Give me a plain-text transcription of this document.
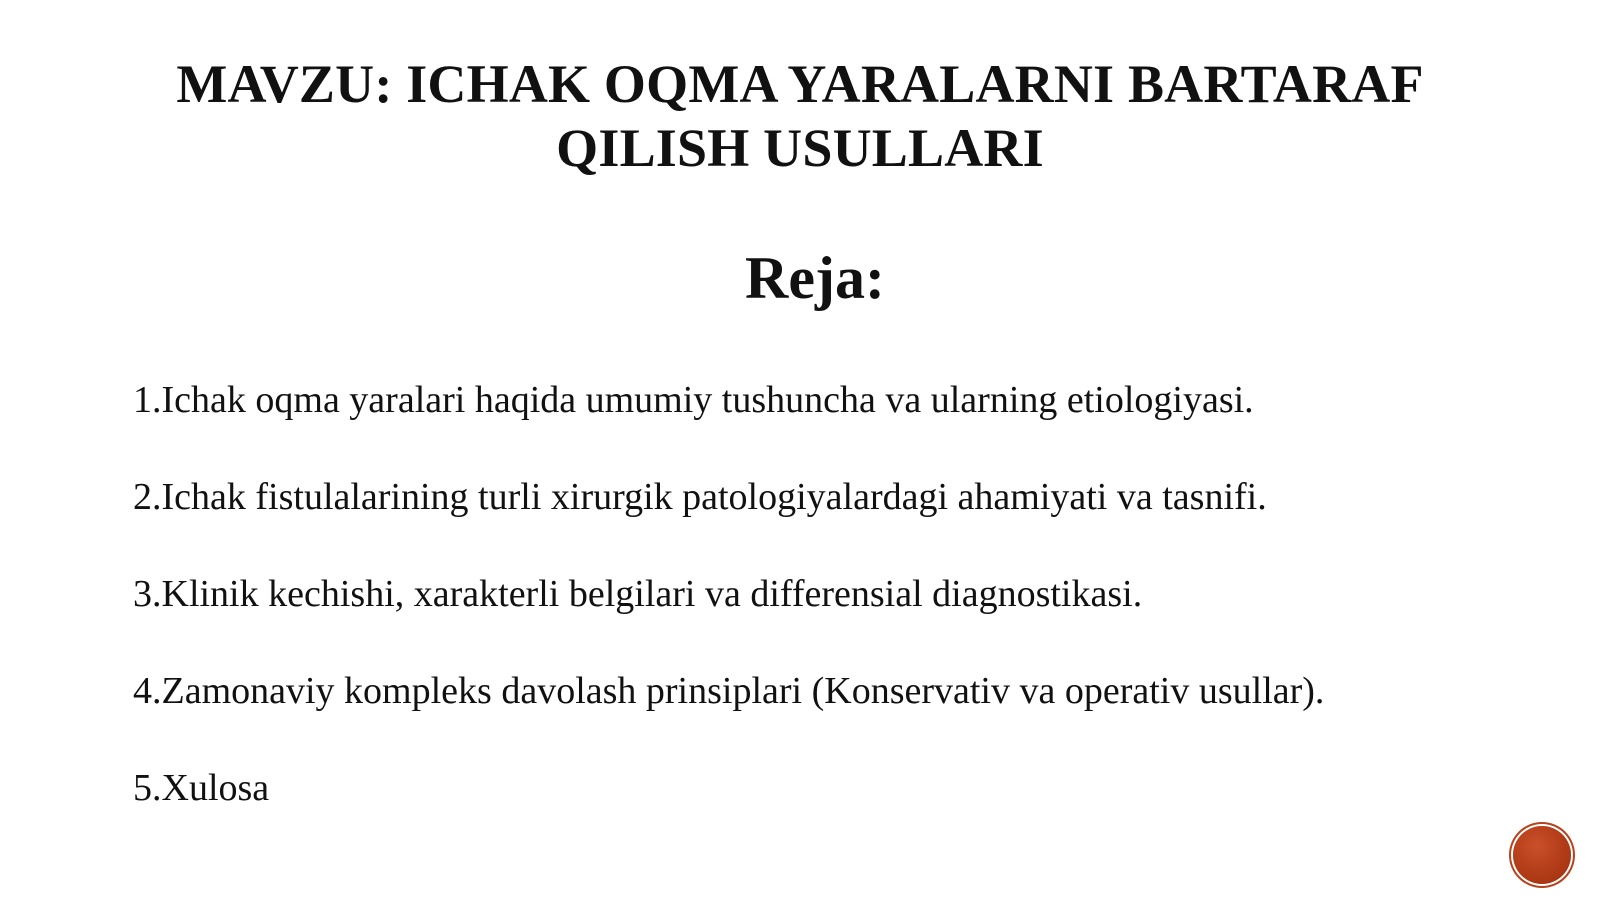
MAVZU: ICHAK OQMA YARALARNI BARTARAF
QILISH USULLARI
Reja:
1.Ichak oqma yaralari haqida umumiy tushuncha va ularning etiologiyasi.
2.Ichak fistulalarining turli xirurgik patologiyalardagi ahamiyati va tasnifi.
3.Klinik kechishi, xarakterli belgilari va differensial diagnostikasi.
4.Zamonaviy kompleks davolash prinsiplari (Konservativ va operativ usullar).
5.Xulosa
